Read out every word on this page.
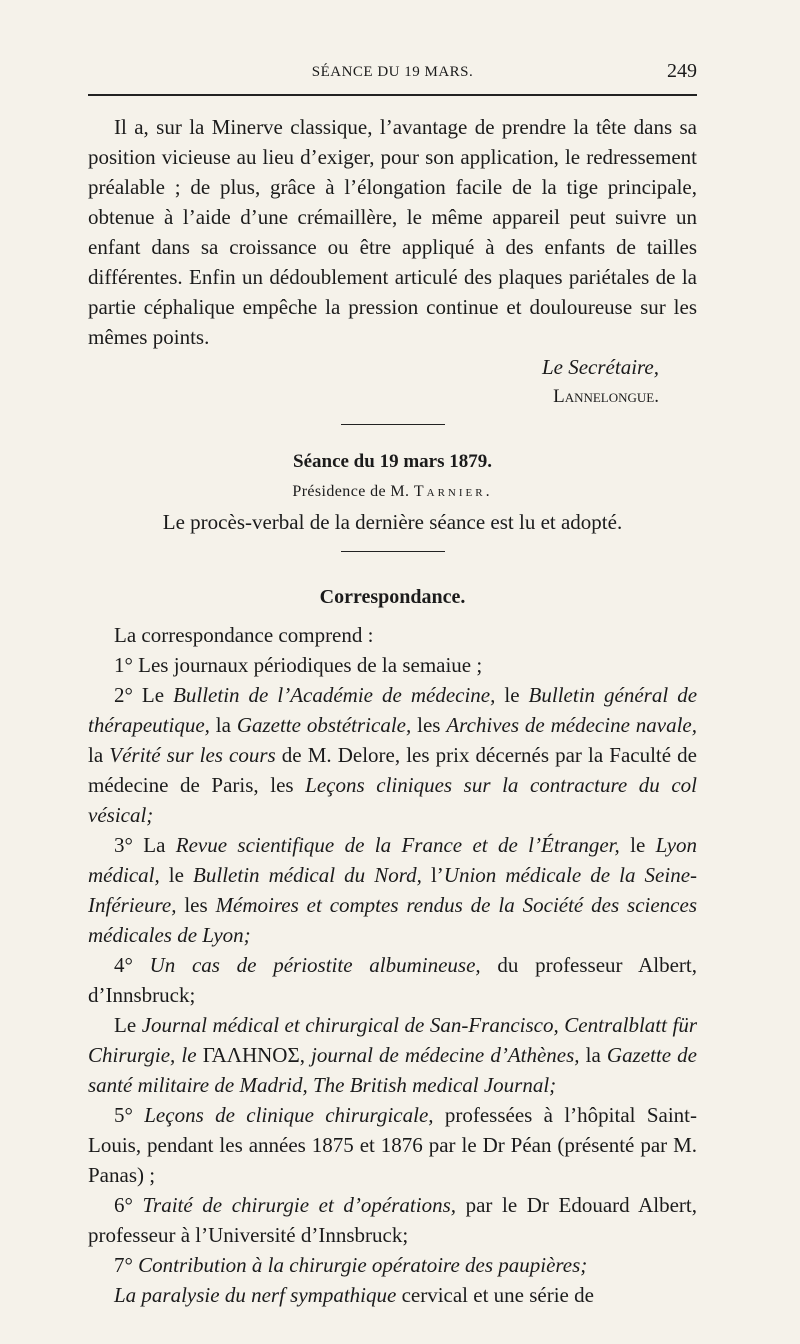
SÉANCE DU 19 MARS.	249

Il a, sur la Minerve classique, l’avantage de prendre la tête dans sa position vicieuse au lieu d’exiger, pour son application, le redressement préalable ; de plus, grâce à l’élongation facile de la tige principale, obtenue à l’aide d’une crémaillère, le même appareil peut suivre un enfant dans sa croissance ou être appliqué à des enfants de tailles différentes. Enfin un dédoublement articulé des plaques pariétales de la partie céphalique empêche la pression continue et douloureuse sur les mêmes points.

Le Secrétaire,

Lannelongue.

Séance du 19 mars 1879.

Présidence de M. Tarnier.

Le procès-verbal de la dernière séance est lu et adopté.

Correspondance.

La correspondance comprend :

1° Les journaux périodiques de la semaiue ;

2° Le Bulletin de l’Académie de médecine, le Bulletin général de thérapeutique, la Gazette obstétricale, les Archives de médecine navale, la Vérité sur les cours de M. Delore, les prix décernés par la Faculté de médecine de Paris, les Leçons cliniques sur la contracture du col vésical;

3° La Revue scientifique de la France et de l’Étranger, le Lyon médical, le Bulletin médical du Nord, l’Union médicale de la Seine-Inférieure, les Mémoires et comptes rendus de la Société des sciences médicales de Lyon;

4° Un cas de périostite albumineuse, du professeur Albert, d’Innsbruck;

Le Journal médical et chirurgical de San-Francisco, Centralblatt für Chirurgie, le ΓΑΛΗΝΟΣ, journal de médecine d’Athènes, la Gazette de santé militaire de Madrid, The British medical Journal;

5° Leçons de clinique chirurgicale, professées à l’hôpital Saint-Louis, pendant les années 1875 et 1876 par le Dr Péan (présenté par M. Panas) ;

6° Traité de chirurgie et d’opérations, par le Dr Edouard Albert, professeur à l’Université d’Innsbruck;

7° Contribution à la chirurgie opératoire des paupières;

La paralysie du nerf sympathique cervical et une série de
